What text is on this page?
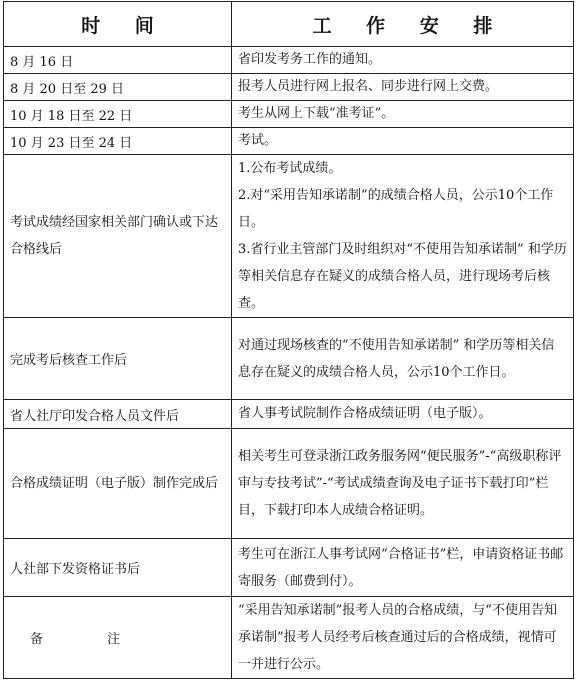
时 间	工 作 安 排
8 月 16 日	省印发考务工作的通知。

8 月 20 日至 29 日	报考人员进行网上报名、同步进行网上交费。

10 月 18 日至 22 日	考生从网上下载“准考证”。

10 月 23 日至 24 日	考试。

考试成绩经国家相关部门确认或下达合格线后	1.公布考试成绩。
2.对“采用告知承诺制”的成绩合格人员，公示10个工作日。
3.省行业主管部门及时组织对“不使用告知承诺制” 和学历等相关信息存在疑义的成绩合格人员，进行现场考后核查。

完成考后核查工作后	对通过现场核查的“不使用告知承诺制” 和学历等相关信息存在疑义的成绩合格人员，公示10个工作日。

省人社厅印发合格人员文件后	省人事考试院制作合格成绩证明（电子版）。

合格成绩证明（电子版）制作完成后	相关考生可登录浙江政务服务网“便民服务”-“高级职称评审与专技考试”-“考试成绩查询及电子证书下载打印”栏目，下载打印本人成绩合格证明。

人社部下发资格证书后	考生可在浙江人事考试网“合格证书”栏，申请资格证书邮寄服务（邮费到付）。

备 注	“采用告知承诺制”报考人员的合格成绩，与“不使用告知承诺制”报考人员经考后核查通过后的合格成绩，视情可一并进行公示。
